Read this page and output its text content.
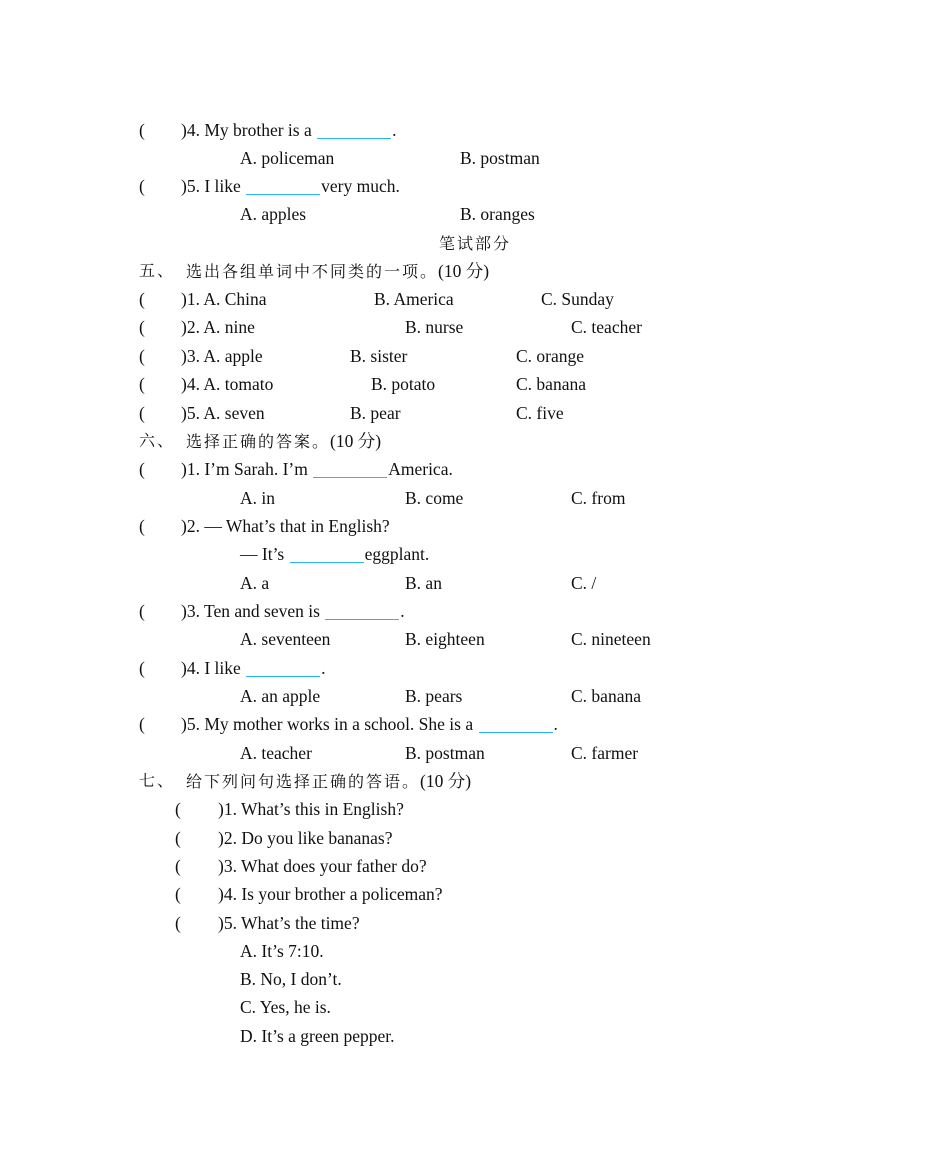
( )4. My brother is a	.
A. policeman	B. postman
( )5. I like	very much.
A. apples	B. oranges
笔试部分
五、 选出各组单词中不同类的一项。(10 分)
( )1. A. China	B. America	C. Sunday
( )2. A. nine	B. nurse	C. teacher
( )3. A. apple	B. sister	C. orange
( )4. A. tomato	B. potato	C. banana
( )5. A. seven	B. pear	C. five
六、 选择正确的答案。(10 分)
( )1. I’m Sarah. I’m	America.
A. in	B. come	C. from
( )2. — What’s that in English?
— It’s	eggplant.
A. a	B. an	C. /
( )3. Ten and seven is	.
A. seventeen	B. eighteen	C. nineteen
( )4. I like	.
A. an apple	B. pears	C. banana
( )5. My mother works in a school. She is a	.
A. teacher	B. postman	C. farmer
七、 给下列问句选择正确的答语。(10 分)
( )1. What’s this in English?
( )2. Do you like bananas?
( )3. What does your father do?
( )4. Is your brother a policeman?
( )5. What’s the time?
A. It’s 7:10.
B. No, I don’t.
C. Yes, he is.
D. It’s a green pepper.
